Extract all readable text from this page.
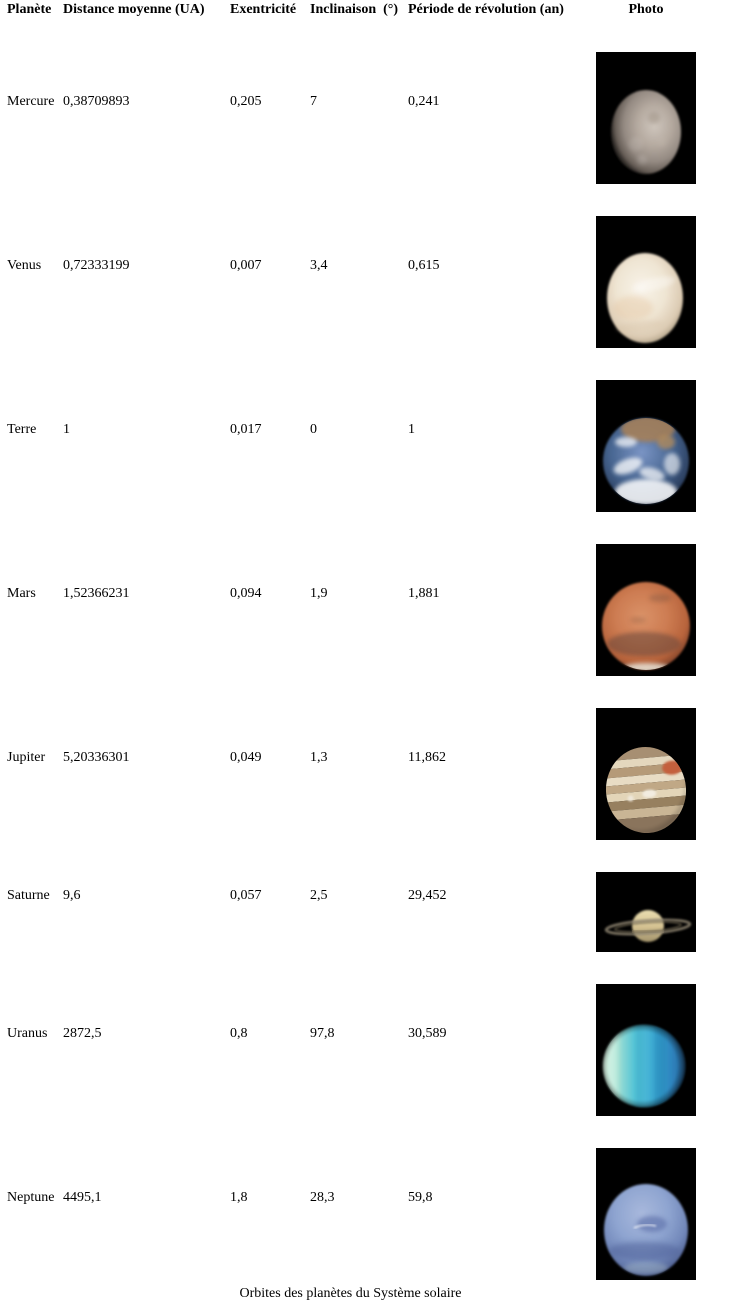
Orbites des planètes du Système solaire
Planète	Distance moyenne (UA)	Exentricité	Inclinaison  (°)	Période de révolution (an)	Photo
Mercure	0,38709893	0,205	7	0,241	

Venus	0,72333199	0,007	3,4	0,615	

Terre	1	0,017	0	1	

Mars	1,52366231	0,094	1,9	1,881	

Jupiter	5,20336301	0,049	1,3	11,862	

Saturne	9,6	0,057	2,5	29,452	

Uranus	2872,5	0,8	97,8	30,589	

Neptune	4495,1	1,8	28,3	59,8	
